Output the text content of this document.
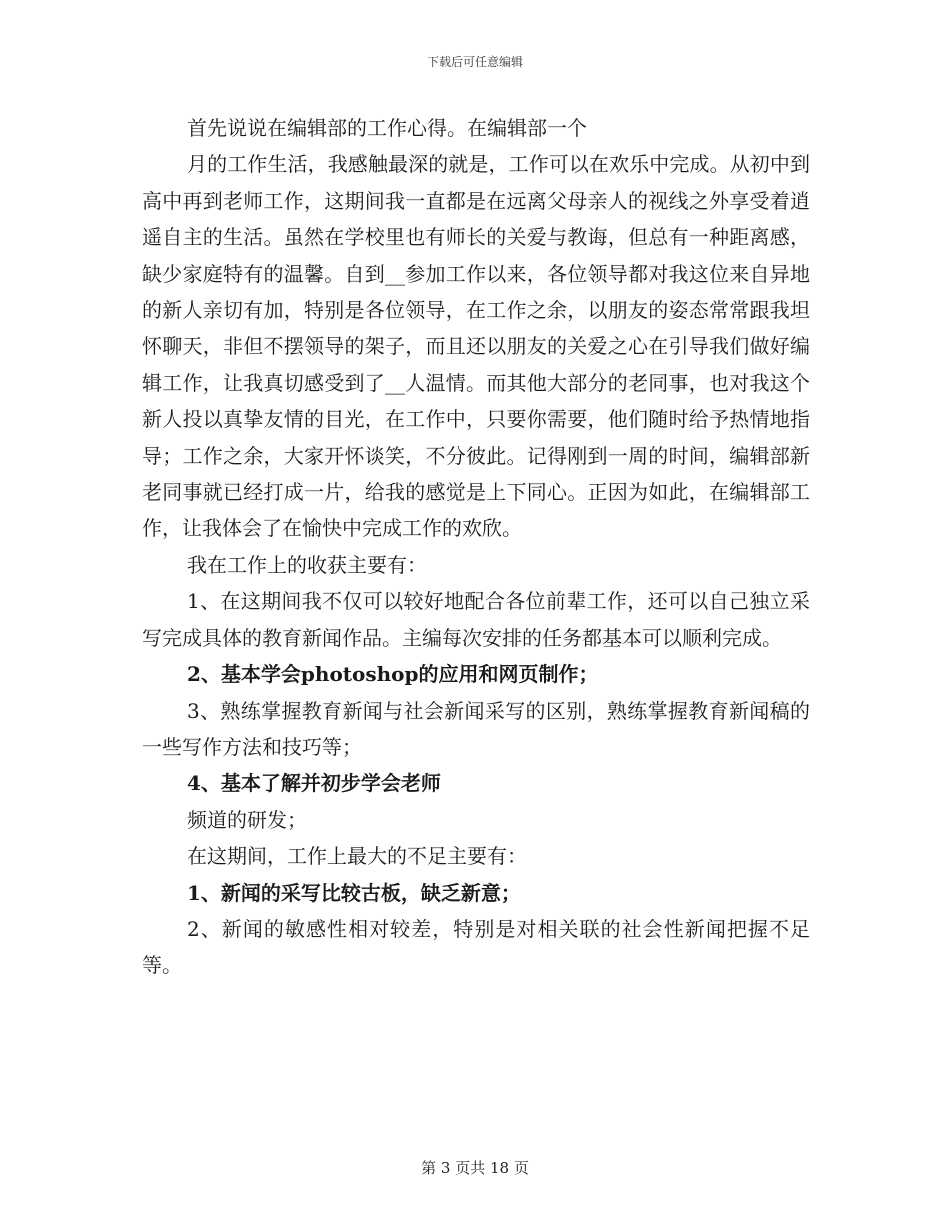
下载后可任意编辑

首先说说在编辑部的工作心得。在编辑部一个

月的工作生活，我感触最深的就是，工作可以在欢乐中完成。从初中到高中再到老师工作，这期间我一直都是在远离父母亲人的视线之外享受着逍遥自主的生活。虽然在学校里也有师长的关爱与教诲，但总有一种距离感，缺少家庭特有的温馨。自到__参加工作以来，各位领导都对我这位来自异地的新人亲切有加，特别是各位领导，在工作之余，以朋友的姿态常常跟我坦怀聊天，非但不摆领导的架子，而且还以朋友的关爱之心在引导我们做好编辑工作，让我真切感受到了__人温情。而其他大部分的老同事，也对我这个新人投以真挚友情的目光，在工作中，只要你需要，他们随时给予热情地指导；工作之余，大家开怀谈笑，不分彼此。记得刚到一周的时间，编辑部新老同事就已经打成一片，给我的感觉是上下同心。正因为如此，在编辑部工作，让我体会了在愉快中完成工作的欢欣。

我在工作上的收获主要有：

1、在这期间我不仅可以较好地配合各位前辈工作，还可以自己独立采写完成具体的教育新闻作品。主编每次安排的任务都基本可以顺利完成。

2、基本学会photoshop的应用和网页制作；

3、熟练掌握教育新闻与社会新闻采写的区别，熟练掌握教育新闻稿的一些写作方法和技巧等；

4、基本了解并初步学会老师

频道的研发；

在这期间，工作上最大的不足主要有：

1、新闻的采写比较古板，缺乏新意；

2、新闻的敏感性相对较差，特别是对相关联的社会性新闻把握不足等。

第 3 页共 18 页
